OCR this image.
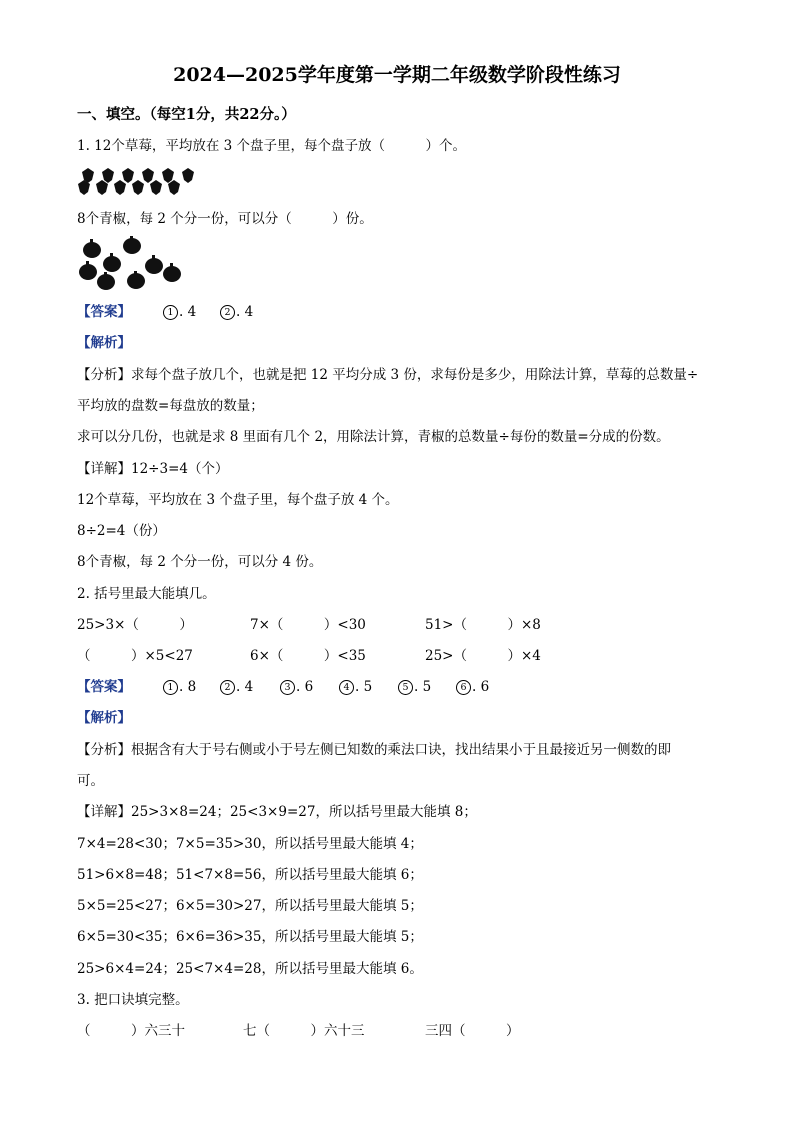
2024—2025学年度第一学期二年级数学阶段性练习
一、填空。（每空1分，共22分。）
1. 12个草莓，平均放在 3 个盘子里，每个盘子放（　　　）个。
8个青椒，每 2 个分一份，可以分（　　　）份。
【答案】	1 . 4	2 . 4
【解析】
【分析】求每个盘子放几个，也就是把 12 平均分成 3 份，求每份是多少，用除法计算，草莓的总数量÷
平均放的盘数=每盘放的数量；
求可以分几份，也就是求 8 里面有几个 2，用除法计算，青椒的总数量÷每份的数量=分成的份数。
【详解】12÷3=4（个）
12个草莓，平均放在 3 个盘子里，每个盘子放 4 个。
8÷2=4（份）
8个青椒，每 2 个分一份，可以分 4 份。
2. 括号里最大能填几。
25>3×（　　　）	7×（　　　）<30	51>（　　　）×8
（　　　）×5<27	6×（　　　）<35	25>（　　　）×4
【答案】	1 . 8	2 . 4	3 . 6	4 . 5	5 . 5	6 . 6
【解析】
【分析】根据含有大于号右侧或小于号左侧已知数的乘法口诀，找出结果小于且最接近另一侧数的即
可。
【详解】25>3×8=24；25<3×9=27，所以括号里最大能填 8；
7×4=28<30；7×5=35>30，所以括号里最大能填 4；
51>6×8=48；51<7×8=56，所以括号里最大能填 6；
5×5=25<27；6×5=30>27，所以括号里最大能填 5；
6×5=30<35；6×6=36>35，所以括号里最大能填 5；
25>6×4=24；25<7×4=28，所以括号里最大能填 6。
3. 把口诀填完整。
（　　　）六三十	七（　　　）六十三	三四（　　　）
